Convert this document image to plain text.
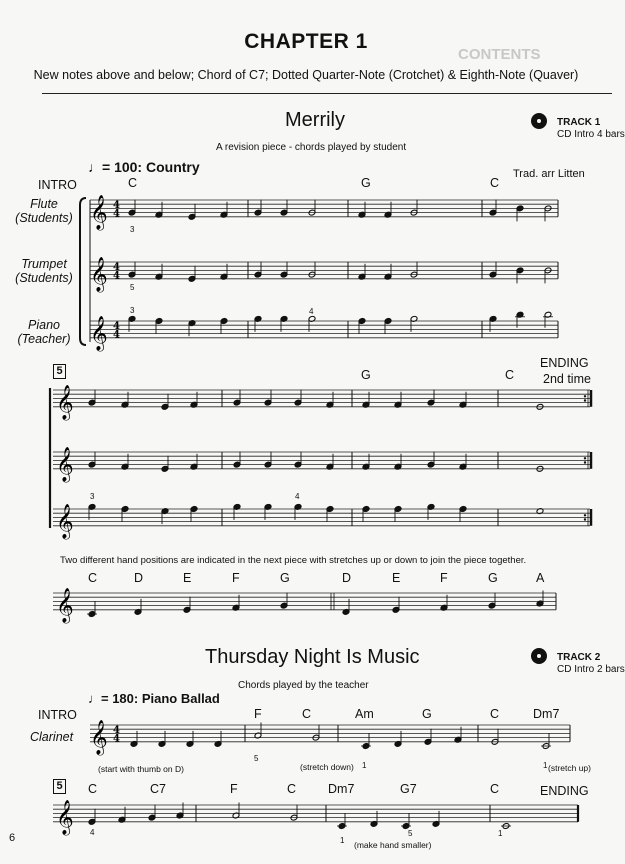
CONTENTS
CHAPTER 1
New notes above and below; Chord of C7; Dotted Quarter-Note (Crotchet) & Eighth-Note (Quaver)
Merrily
A revision piece - chords played by student
TRACK 1
CD Intro 4 bars
♩= 100: Country	Trad. arr Litten
INTRO	C	G	C
Flute
(Students)
Trumpet
(Students)
Piano
(Teacher)
ENDING
2nd time
G	C
5
3
5
3	4
3	4
Two different hand positions are indicated in the next piece with stretches up or down to join the piece together.
C	D	E	F	G	D	E	F	G	A
Thursday Night Is Music
Chords played by the teacher
TRACK 2
CD Intro 2 bars
♩= 180: Piano Ballad
INTRO
Clarinet
F	C	Am	G	C	Dm7
(start with thumb on D)	(stretch down)	(stretch up)
(make hand smaller)
5
1	1
4
1
5	1
C	C7	F	C	Dm7	G7	C	ENDING
5
6
𝄞 4
4
𝄞 4
4
𝄞 4
4
𝄞
𝄞
𝄞
𝄞
𝄞 4
4
𝄞
